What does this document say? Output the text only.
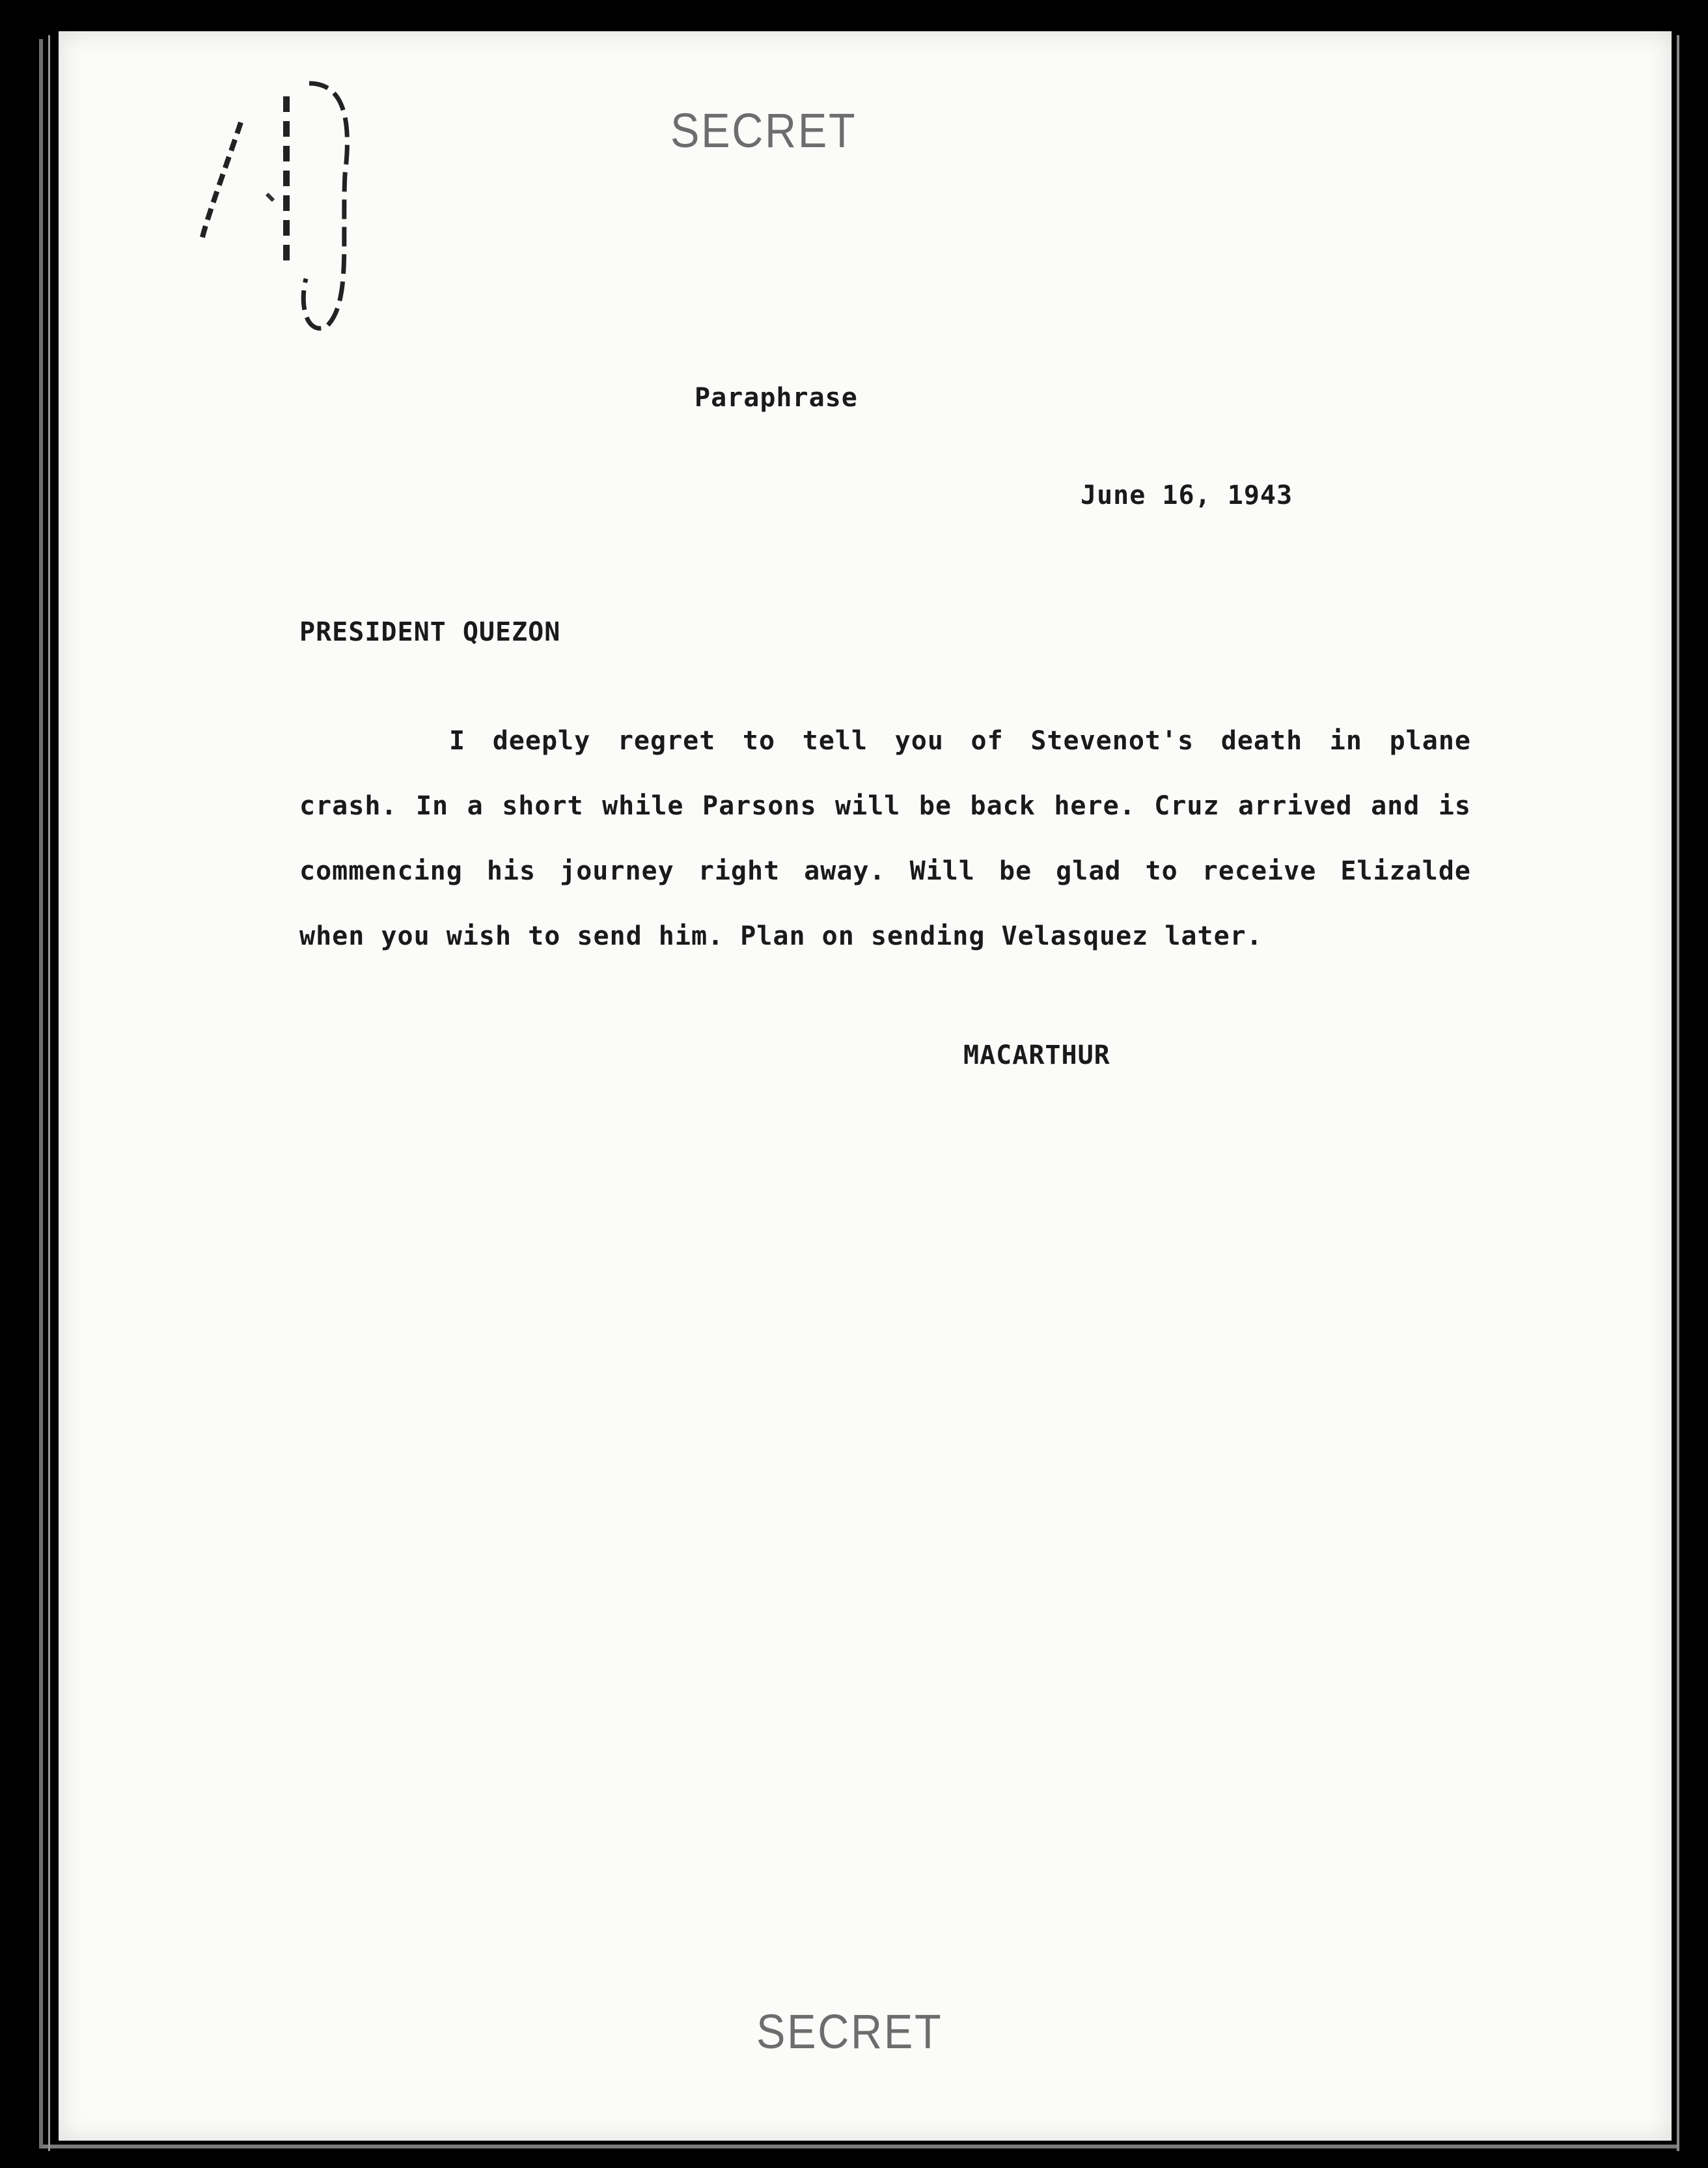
SECRET
Paraphrase
June 16, 1943
PRESIDENT QUEZON
I deeply regret to tell you of Stevenot's death in plane crash. In a short while Parsons will be back here. Cruz arrived and is commencing his journey right away. Will be glad to receive Elizalde when you wish to send him. Plan on sending Velasquez later.
MACARTHUR
SECRET
